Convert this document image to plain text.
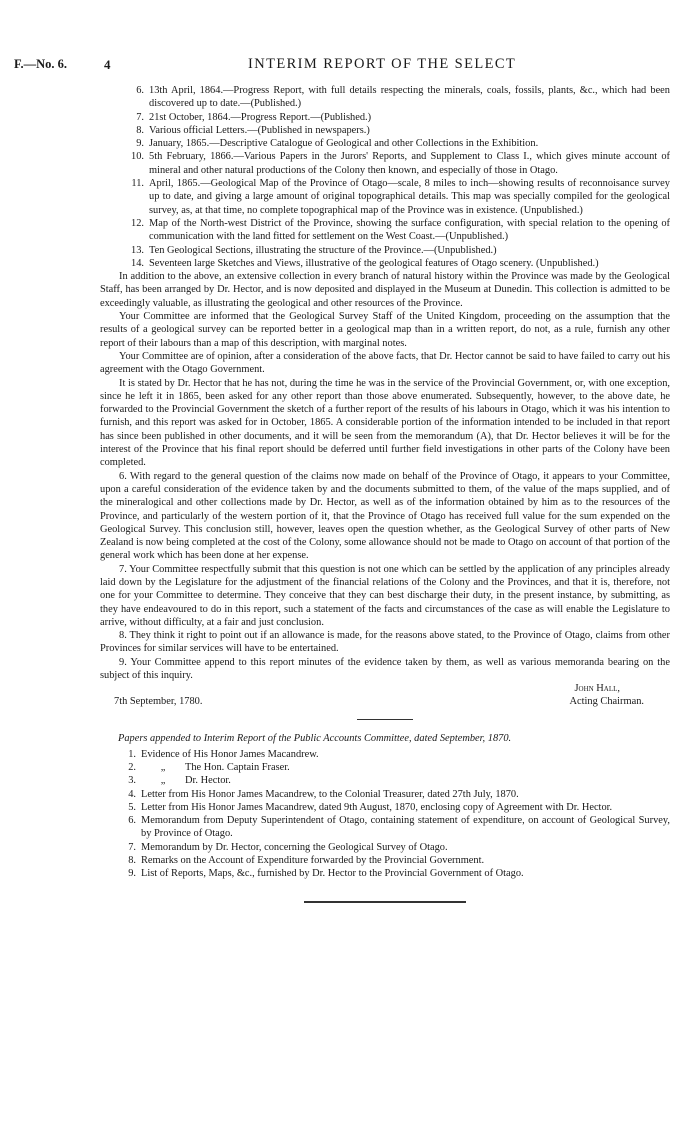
F.—No. 6.	4	INTERIM REPORT OF THE SELECT
6. 13th April, 1864.—Progress Report, with full details respecting the minerals, coals, fossils, plants, &c., which had been discovered up to date.—(Published.)
7. 21st October, 1864.—Progress Report.—(Published.)
8. Various official Letters.—(Published in newspapers.)
9. January, 1865.—Descriptive Catalogue of Geological and other Collections in the Exhibition.
10. 5th February, 1866.—Various Papers in the Jurors' Reports, and Supplement to Class I., which gives minute account of mineral and other natural productions of the Colony then known, and especially of those in Otago.
11. April, 1865.—Geological Map of the Province of Otago—scale, 8 miles to inch—showing results of reconnoisance survey up to date, and giving a large amount of original topographical details. This map was specially compiled for the geological survey, as, at that time, no complete topographical map of the Province was in existence. (Unpublished.)
12. Map of the North-west District of the Province, showing the surface configuration, with special relation to the opening of communication with the land fitted for settlement on the West Coast.—(Unpublished.)
13. Ten Geological Sections, illustrating the structure of the Province.—(Unpublished.)
14. Seventeen large Sketches and Views, illustrative of the geological features of Otago scenery. (Unpublished.)
In addition to the above, an extensive collection in every branch of natural history within the Province was made by the Geological Staff, has been arranged by Dr. Hector, and is now deposited and displayed in the Museum at Dunedin. This collection is admitted to be exceedingly valuable, as illustrating the geological and other resources of the Province.
Your Committee are informed that the Geological Survey Staff of the United Kingdom, proceeding on the assumption that the results of a geological survey can be reported better in a geological map than in a written report, do not, as a rule, furnish any other report of their labours than a map of this description, with marginal notes.
Your Committee are of opinion, after a consideration of the above facts, that Dr. Hector cannot be said to have failed to carry out his agreement with the Otago Government.
It is stated by Dr. Hector that he has not, during the time he was in the service of the Provincial Government, or, with one exception, since he left it in 1865, been asked for any other report than those above enumerated. Subsequently, however, to the above date, he forwarded to the Provincial Government the sketch of a further report of the results of his labours in Otago, which it was his intention to furnish, and this report was asked for in October, 1865. A considerable portion of the information intended to be included in that report has since been published in other documents, and it will be seen from the memorandum (A), that Dr. Hector believes it will be for the interest of the Province that his final report should be deferred until further field investigations in other parts of the Colony have been completed.
6. With regard to the general question of the claims now made on behalf of the Province of Otago, it appears to your Committee, upon a careful consideration of the evidence taken by and the documents submitted to them, of the value of the maps supplied, and of the mineralogical and other collections made by Dr. Hector, as well as of the information obtained by him as to the resources of the Province, and particularly of the western portion of it, that the Province of Otago has received full value for the sum expended on the Geological Survey. This conclusion still, however, leaves open the question whether, as the Geological Survey of other parts of New Zealand is now being completed at the cost of the Colony, some allowance should not be made to Otago on account of that portion of the general work which has been done at her expense.
7. Your Committee respectfully submit that this question is not one which can be settled by the application of any principles already laid down by the Legislature for the adjustment of the financial relations of the Colony and the Provinces, and that it is, therefore, not one for your Committee to determine. They conceive that they can best discharge their duty, in the present instance, by submitting, as they have endeavoured to do in this report, such a statement of the facts and circumstances of the case as will enable the Legislature to arrive, without difficulty, at a fair and just conclusion.
8. They think it right to point out if an allowance is made, for the reasons above stated, to the Province of Otago, claims from other Provinces for similar services will have to be entertained.
9. Your Committee append to this report minutes of the evidence taken by them, as well as various memoranda bearing on the subject of this inquiry.
John Hall,
Acting Chairman.
7th September, 1780.
Papers appended to Interim Report of the Public Accounts Committee, dated September, 1870.
1. Evidence of His Honor James Macandrew.
2. „ The Hon. Captain Fraser.
3. „ Dr. Hector.
4. Letter from His Honor James Macandrew, to the Colonial Treasurer, dated 27th July, 1870.
5. Letter from His Honor James Macandrew, dated 9th August, 1870, enclosing copy of Agreement with Dr. Hector.
6. Memorandum from Deputy Superintendent of Otago, containing statement of expenditure, on account of Geological Survey, by Province of Otago.
7. Memorandum by Dr. Hector, concerning the Geological Survey of Otago.
8. Remarks on the Account of Expenditure forwarded by the Provincial Government.
9. List of Reports, Maps, &c., furnished by Dr. Hector to the Provincial Government of Otago.
